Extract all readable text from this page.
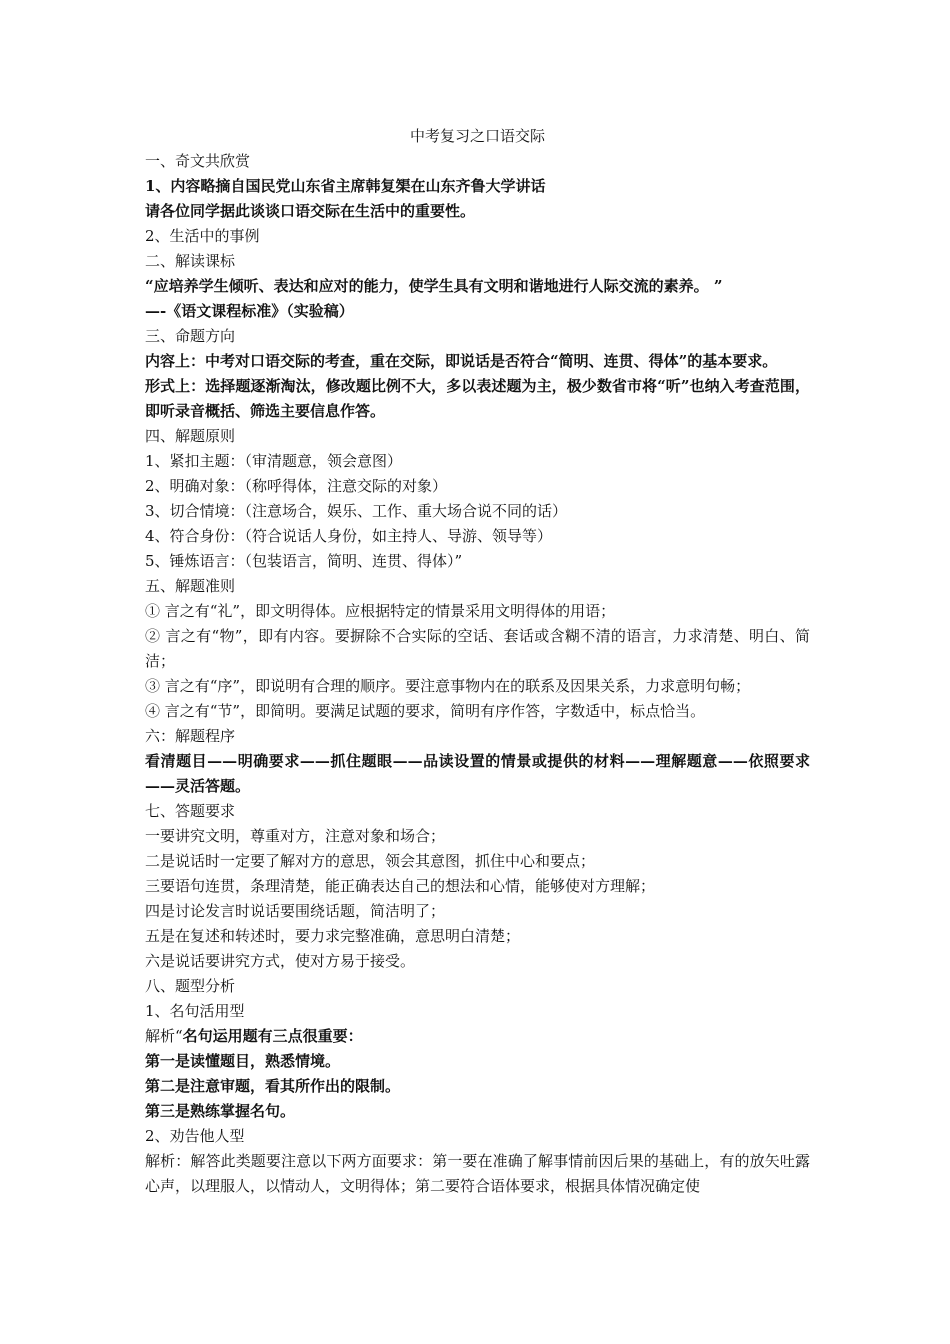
中考复习之口语交际

一、奇文共欣赏

1、内容略摘自国民党山东省主席韩复榘在山东齐鲁大学讲话

请各位同学据此谈谈口语交际在生活中的重要性。

2、生活中的事例

二、解读课标

“应培养学生倾听、表达和应对的能力，使学生具有文明和谐地进行人际交流的素养。 ”

—-《语文课程标准》（实验稿）

三、命题方向

内容上：中考对口语交际的考查，重在交际，即说话是否符合“简明、连贯、得体”的基本要求。

形式上：选择题逐渐淘汰，修改题比例不大，多以表述题为主，极少数省市将“听”也纳入考查范围，即听录音概括、筛选主要信息作答。

四、解题原则

1、紧扣主题：（审清题意，领会意图）

2、明确对象：（称呼得体，注意交际的对象）

3、切合情境：（注意场合，娱乐、工作、重大场合说不同的话）

4、符合身份：（符合说话人身份，如主持人、导游、领导等）

5、锤炼语言：（包装语言，简明、连贯、得体）”

五、解题准则

① 言之有“礼”，即文明得体。应根据特定的情景采用文明得体的用语；

② 言之有“物”，即有内容。要摒除不合实际的空话、套话或含糊不清的语言，力求清楚、明白、简洁；

③ 言之有“序”，即说明有合理的顺序。要注意事物内在的联系及因果关系，力求意明句畅；

④ 言之有“节”，即简明。要满足试题的要求，简明有序作答，字数适中，标点恰当。

六：解题程序

看清题目——明确要求——抓住题眼——品读设置的情景或提供的材料——理解题意——依照要求——灵活答题。

七、答题要求

一要讲究文明，尊重对方，注意对象和场合；

二是说话时一定要了解对方的意思，领会其意图，抓住中心和要点；

三要语句连贯，条理清楚，能正确表达自己的想法和心情，能够使对方理解；

四是讨论发言时说话要围绕话题，简洁明了；

五是在复述和转述时，要力求完整准确，意思明白清楚；

六是说话要讲究方式，使对方易于接受。

八、题型分析

1、名句活用型

解析“名句运用题有三点很重要：

第一是读懂题目，熟悉情境。

第二是注意审题，看其所作出的限制。

第三是熟练掌握名句。

2、劝告他人型

解析：解答此类题要注意以下两方面要求：第一要在准确了解事情前因后果的基础上，有的放矢吐露心声，以理服人，以情动人，文明得体；第二要符合语体要求，根据具体情况确定使
